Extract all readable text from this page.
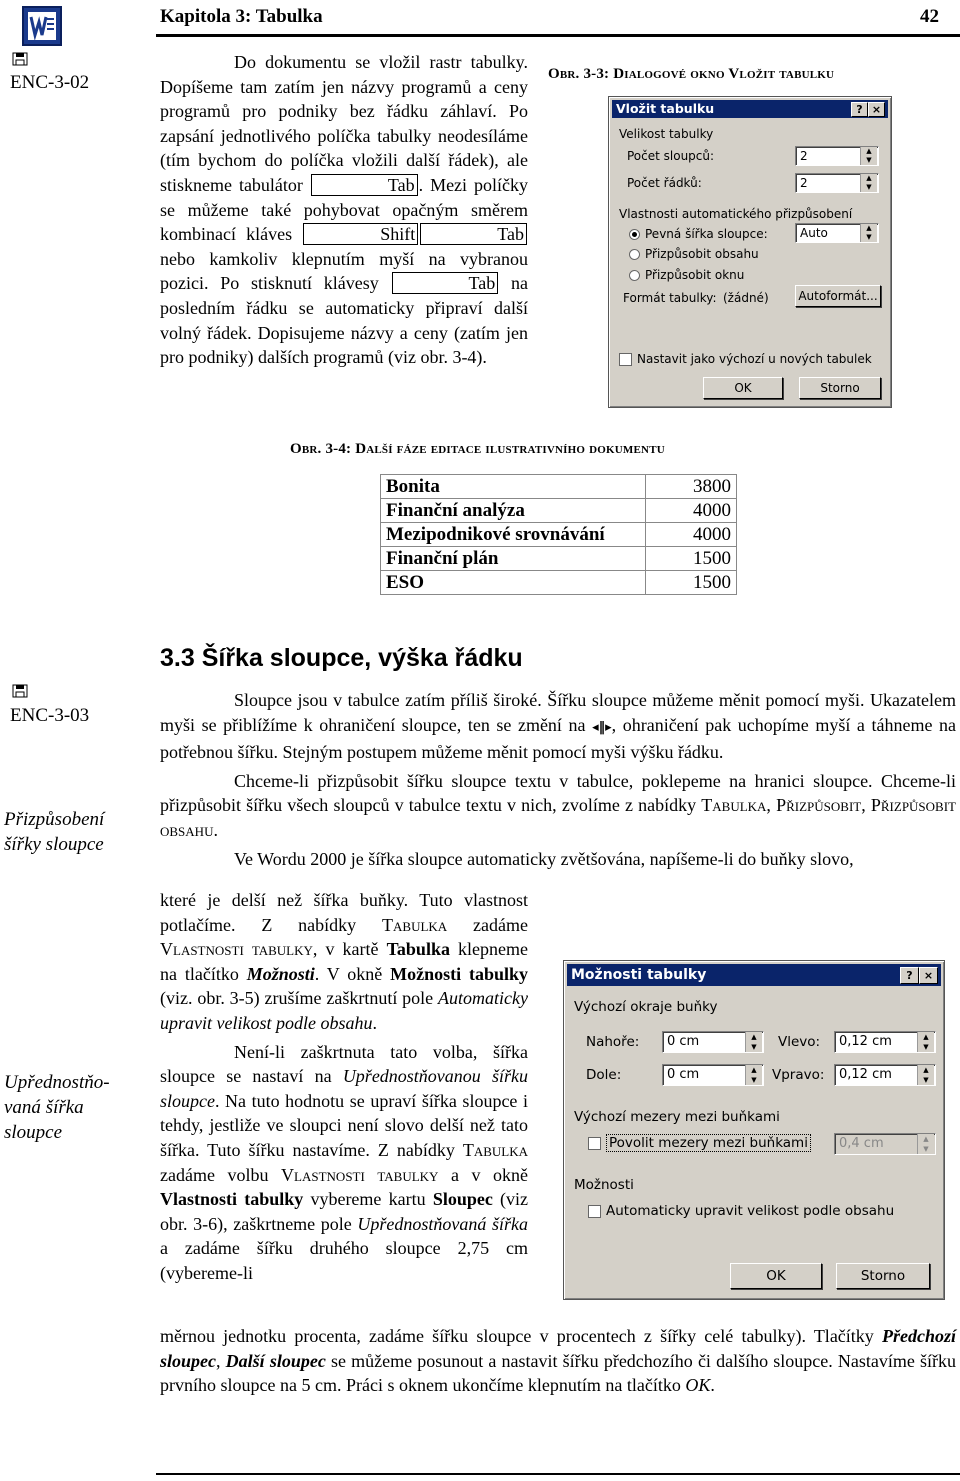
Kapitola 3: Tabulka	42
ENC-3-02

Do dokumentu se vložil rastr tabulky. Dopíšeme tam zatím jen názvy programů a ceny programů pro podniky bez řádku záhlaví. Po zapsání jednotlivého políčka tabulky neodesíláme (tím bychom do políčka vložili další řádek), ale stiskneme tabulátor	Tab . Mezi políčky se můžeme také pohybovat opačným směrem kombinací kláves	Shift	Tab nebo kamkoliv klepnutím myší na vybranou pozici. Po stisknutí klávesy	Tab na posledním řádku se automaticky připraví další volný řádek. Dopisujeme názvy a ceny (zatím jen pro podniky) dalších programů (viz obr. 3-4).

Obr. 3-3: Dialogové okno Vložit tabulku
Vložit tabulku	? ×
Velikost tabulky
Počet sloupců:	2	▲
▼
Počet řádků:	2	▲
▼
Vlastnosti automatického přizpůsobení
Pevná šířka sloupce:	Auto	▲
▼
Přizpůsobit obsahu
Přizpůsobit oknu
Formát tabulky: (žádné) Autoformát...
Nastavit jako výchozí u nových tabulek
OK	Storno
Obr. 3-4: Další fáze editace ilustrativního dokumentu
Bonita	3800
Finanční analýza	4000
Mezipodnikové srovnávání	4000
Finanční plán	1500
ESO	1500
3.3 Šířka sloupce, výška řádku
ENC-3-03
Přizpůsobení šířky sloupce
Upřednostňo-vaná šířka sloupce

Sloupce jsou v tabulce zatím příliš široké. Šířku sloupce můžeme měnit pomocí myši. Ukazatelem myši se přiblížíme k ohraničení sloupce, ten se změní na ◂‖▸, ohraničení pak uchopíme myší a táhneme na potřebnou šířku. Stejným postupem můžeme měnit pomocí myši výšku řádku.

Chceme-li přizpůsobit šířku sloupce textu v tabulce, poklepeme na hranici sloupce. Chceme-li přizpůsobit šířku všech sloupců v tabulce textu v nich, zvolíme z nabídky Tabulka, Přizpůsobit, Přizpůsobit obsahu.

Ve Wordu 2000 je šířka sloupce automaticky zvětšována, napíšeme-li do buňky slovo,

které je delší než šířka buňky. Tuto vlastnost potlačíme. Z nabídky Tabulka zadáme Vlastnosti tabulky, v kartě Tabulka klepneme na tlačítko Možnosti. V okně Možnosti tabulky (viz. obr. 3-5) zrušíme zaškrtnutí pole Automaticky upravit velikost podle obsahu.

Není-li zaškrtnuta tato volba, šířka sloupce se nastaví na Upřednostňovanou šířku sloupce. Na tuto hodnotu se upraví šířka sloupce i tehdy, jestliže ve sloupci není slovo delší než tato šířka. Tuto šířku nastavíme. Z nabídky Tabulka zadáme volbu Vlastnosti tabulky a v okně Vlastnosti tabulky vybereme kartu Sloupec (viz obr. 3-6), zaškrtneme pole Upřednostňovaná šířka a zadáme šířku druhého sloupce 2,75 cm (vybereme-li

měrnou jednotku procenta, zadáme šířku sloupce v procentech z šířky celé tabulky). Tlačítky Předchozí sloupec, Další sloupec se můžeme posunout a nastavit šířku předchozího či dalšího sloupce. Nastavíme šířku prvního sloupce na 5 cm. Práci s oknem ukončíme klepnutím na tlačítko OK.

Možnosti tabulky	?	×
Výchozí okraje buňky
Nahoře:	0 cm	▲
▼	Vlevo:	0,12 cm	▲
▼
Dole:	0 cm	▲
▼	Vpravo:	0,12 cm	▲
▼
Výchozí mezery mezi buňkami
Povolit mezery mezi buňkami	0,4 cm	▲
▼
Možnosti
Automaticky upravit velikost podle obsahu
OK	Storno
